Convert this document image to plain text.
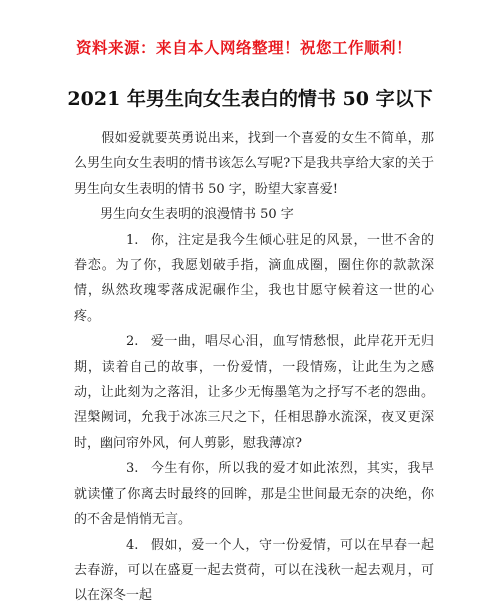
资料来源：来自本人网络整理！祝您工作顺利！
2021 年男生向女生表白的情书 50 字以下

假如爱就要英勇说出来，找到一个喜爱的女生不简单，那么男生向女生表明的情书该怎么写呢?下是我共享给大家的关于男生向女生表明的情书 50 字，盼望大家喜爱!

男生向女生表明的浪漫情书 50 字

1. 你，注定是我今生倾心驻足的风景，一世不舍的眷恋。为了你，我愿划破手指，滴血成圈，圈住你的款款深情，纵然玫瑰零落成泥碾作尘，我也甘愿守候着这一世的心疼。

2. 爱一曲，唱尽心泪，血写情愁恨，此岸花开无归期，读着自己的故事，一份爱情，一段情殇，让此生为之感动，让此刻为之落泪，让多少无悔墨笔为之抒写不老的怨曲。涅槃阙词，允我于冰冻三尺之下，任相思静水流深，夜叉更深时，幽问帘外风，何人剪影，慰我薄凉?

3. 今生有你，所以我的爱才如此浓烈，其实，我早就读懂了你离去时最终的回眸，那是尘世间最无奈的决绝，你的不舍是悄悄无言。

4. 假如，爱一个人，守一份爱情，可以在早春一起去春游，可以在盛夏一起去赏荷，可以在浅秋一起去观月，可以在深冬一起
